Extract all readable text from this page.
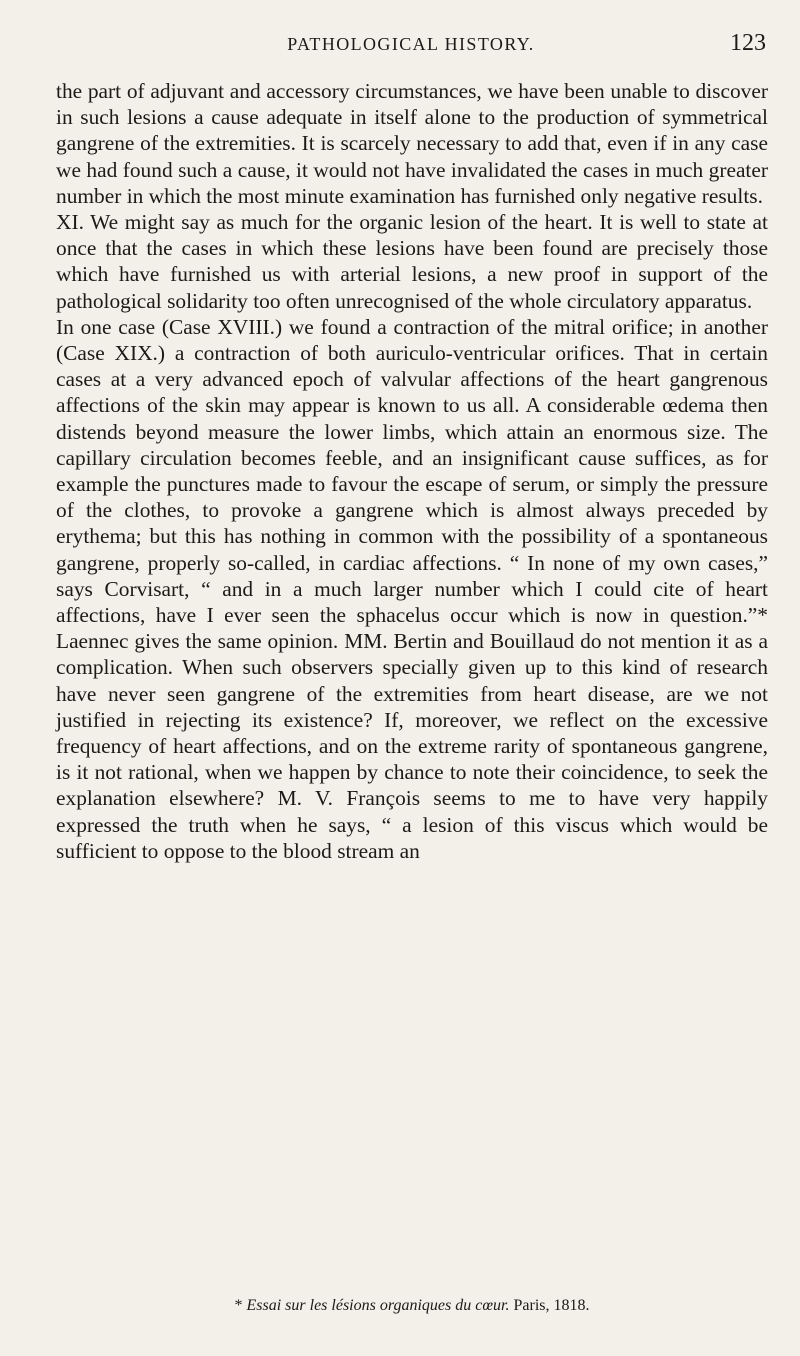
PATHOLOGICAL HISTORY.	123

the part of adjuvant and accessory circumstances, we have been unable to discover in such lesions a cause adequate in itself alone to the production of symmetrical gangrene of the extremities. It is scarcely necessary to add that, even if in any case we had found such a cause, it would not have invalidated the cases in much greater number in which the most minute examination has furnished only negative results.

XI. We might say as much for the organic lesion of the heart. It is well to state at once that the cases in which these lesions have been found are precisely those which have furnished us with arterial lesions, a new proof in support of the pathological solidarity too often unrecognised of the whole circulatory apparatus.

In one case (Case XVIII.) we found a contraction of the mitral orifice; in another (Case XIX.) a contraction of both auriculo-ventricular orifices. That in certain cases at a very advanced epoch of valvular affections of the heart gangrenous affections of the skin may appear is known to us all. A considerable œdema then distends beyond measure the lower limbs, which attain an enormous size. The capillary circulation becomes feeble, and an insignificant cause suffices, as for example the punctures made to favour the escape of serum, or simply the pressure of the clothes, to provoke a gangrene which is almost always preceded by erythema; but this has nothing in common with the possibility of a spontaneous gangrene, properly so-called, in cardiac affections. “ In none of my own cases,” says Corvisart, “ and in a much larger number which I could cite of heart affections, have I ever seen the sphacelus occur which is now in question.”* Laennec gives the same opinion. MM. Bertin and Bouillaud do not mention it as a complication. When such observers specially given up to this kind of research have never seen gangrene of the extremities from heart disease, are we not justified in rejecting its existence? If, moreover, we reflect on the excessive frequency of heart affections, and on the extreme rarity of spontaneous gangrene, is it not rational, when we happen by chance to note their coincidence, to seek the explanation elsewhere? M. V. François seems to me to have very happily expressed the truth when he says, “ a lesion of this viscus which would be sufficient to oppose to the blood stream an

* Essai sur les lésions organiques du cœur. Paris, 1818.
